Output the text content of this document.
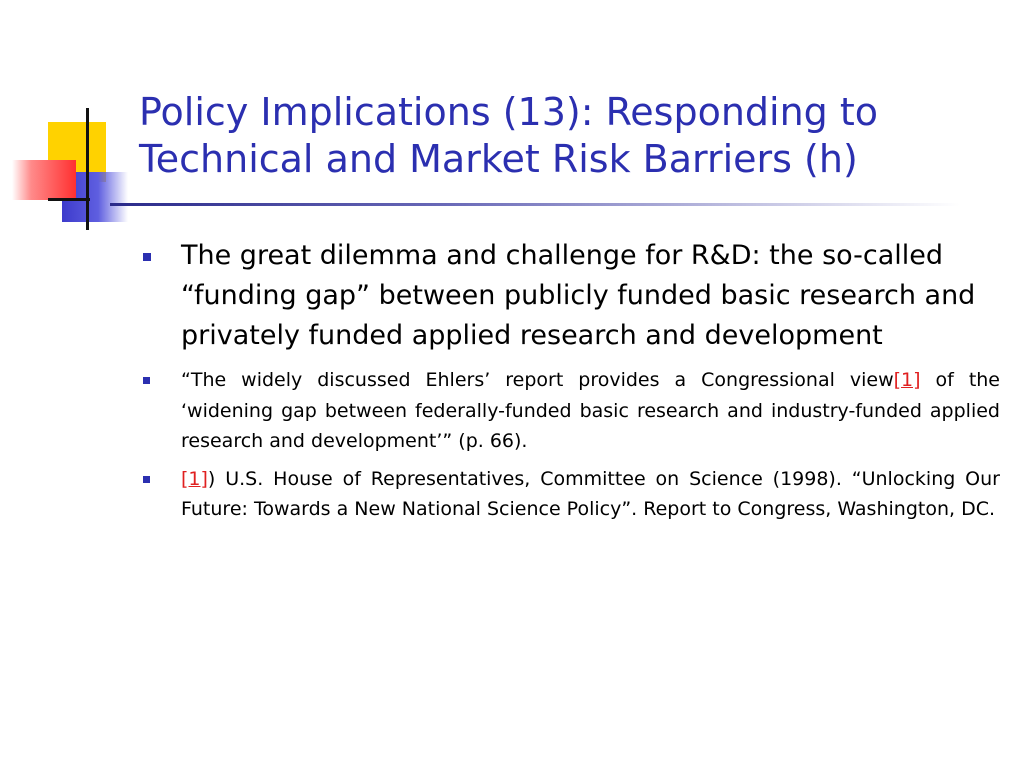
Policy Implications (13): Responding to
Technical and Market Risk Barriers (h)
The great dilemma and challenge for R&D: the so-called “funding gap” between publicly funded basic research and privately funded applied research and development
“The widely discussed Ehlers’ report provides a Congressional view[1] of the ‘widening gap between federally-funded basic research and industry-funded applied research and development’” (p. 66).
[1]) U.S. House of Representatives, Committee on Science (1998). “Unlocking Our Future: Towards a New National Science Policy”. Report to Congress, Washington, DC.
